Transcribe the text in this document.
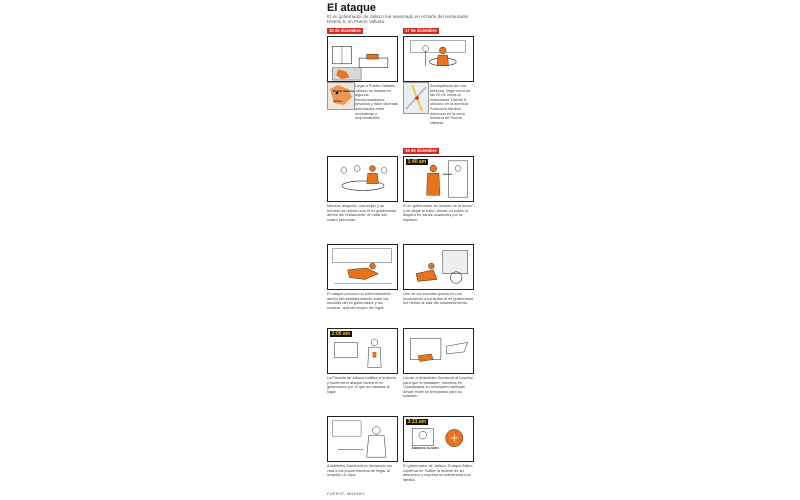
El ataque
El ex gobernador de Jalisco fue asesinado en el baño del restaurante Distrito 5, en Puerto Vallarta.
15 de diciembre	17 de diciembre
18 de diciembre
Puerto Vallarta
Jalisco
Llega a Puerto Vallarta, Jalisco; se instala en algunos fraccionamientos privados y hace diversas actividades entre recreativas y empresariales.
Acompañado de una persona, llega cerca de las 22:00 horas al restaurante Distrito 5, ubicado en la avenida Francisca Medina Ascencio en la zona hotelera de Puerto Vallarta.
1:40 am
Minutos después, una mujer y un hombre se reúnen con el ex gobernador dentro del restaurante; en total son cuatro personas.
El ex gobernador se levanta de la mesa y se dirige al baño, donde un sujeto le dispara en varias ocasiones por la espalda.
El ataque provoca un enfrentamiento dentro del establecimiento entre los escoltas del ex gobernador y los sicarios, quienes huyen del lugar.
Uno de los escoltas queda en una movimiento a consultar al ex gobernador fue herido al salir del establecimiento.
2:00 am
La Fiscalía de Jalisco notifica a la alerta y confirma el ataque contra el ex gobernador por lo que se traslada al lugar.
Llevan a Aristóteles Sandoval al hospital para que lo trasladen, mientras en Guadalajara un helicóptero arribado desde Hotel se preparaba para su traslado.
3:21 am
ENRIQUE ALFARO
Aristóteles Sandoval es declarado sin vida a los pocos minutos de llegar al hospital La Joya.
El gobernador de Jalisco, Enrique Alfaro, confirma en Twitter la muerte de su antecesor y expresa su solidaridad a la familia.
FUENTE: MILENIO
